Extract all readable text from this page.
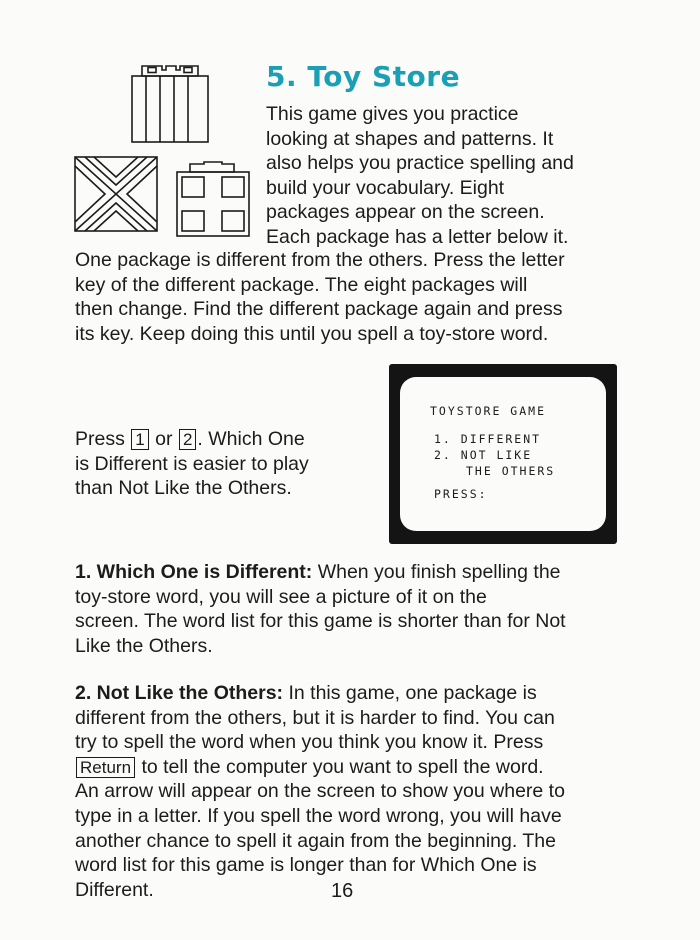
5. Toy Store
This game gives you practice
looking at shapes and patterns. It
also helps you practice spelling and
build your vocabulary. Eight
packages appear on the screen.
Each package has a letter below it.
One package is different from the others. Press the letter
key of the different package. The eight packages will
then change. Find the different package again and press
its key. Keep doing this until you spell a toy-store word.
Press 1 or 2 . Which One
is Different is easier to play
than Not Like the Others.
TOYSTORE GAME
1. DIFFERENT
2. NOT LIKE
THE OTHERS
PRESS:
1. Which One is Different: When you finish spelling the
toy-store word, you will see a picture of it on the
screen. The word list for this game is shorter than for Not
Like the Others.
2. Not Like the Others: In this game, one package is
different from the others, but it is harder to find. You can
try to spell the word when you think you know it. Press
Return to tell the computer you want to spell the word.
An arrow will appear on the screen to show you where to
type in a letter. If you spell the word wrong, you will have
another chance to spell it again from the beginning. The
word list for this game is longer than for Which One is
Different.	16
